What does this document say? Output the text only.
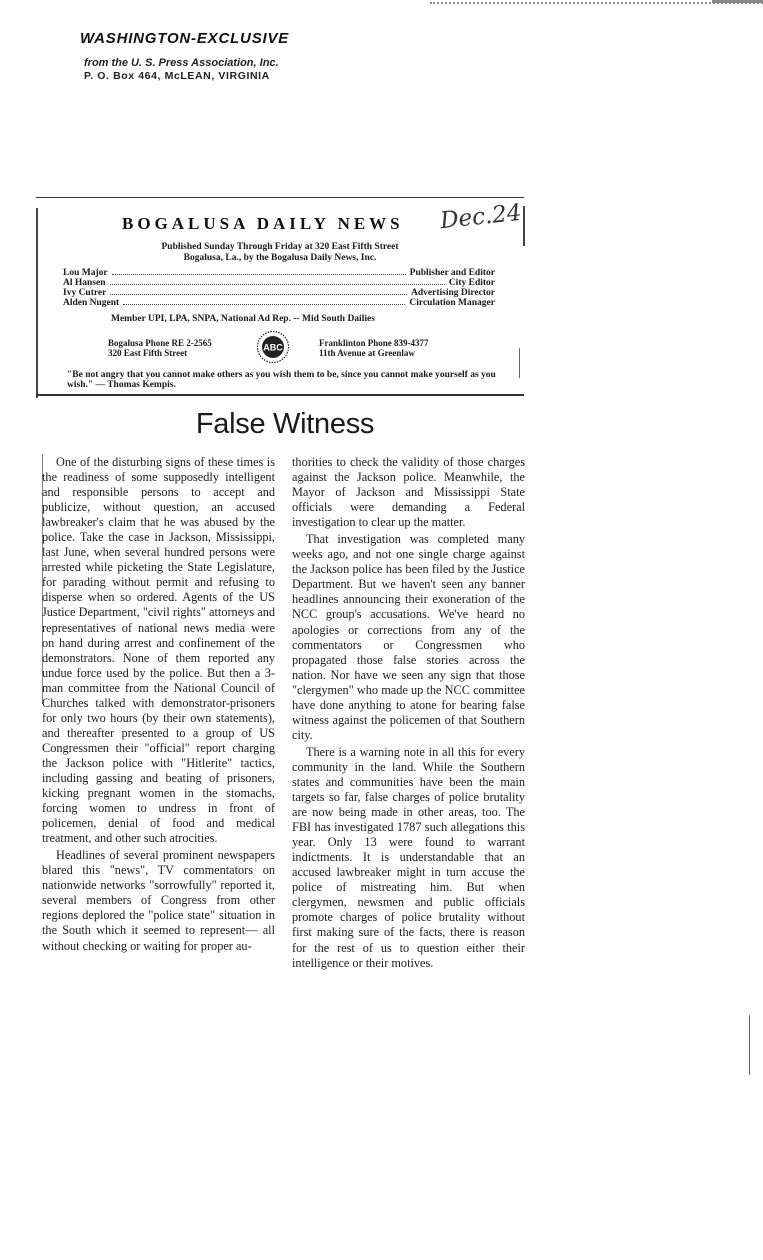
WASHINGTON-EXCLUSIVE
from the U. S. Press Association, Inc.
P. O. Box 464, McLEAN, VIRGINIA
BOGALUSA DAILY NEWS Dec.24
Published Sunday Through Friday at 320 East Fifth Street
Bogalusa, La., by the Bogalusa Daily News, Inc.
Lou Major	Publisher and Editor
Al Hansen	City Editor
Ivy Cutrer	Advertising Director
Alden Nugent	Circulation Manager
Member UPI, LPA, SNPA, National Ad Rep. -- Mid South Dailies
Bogalusa Phone RE 2-2565
320 East Fifth Street
ABC	Franklinton Phone 839-4377
11th Avenue at Greenlaw
"Be not angry that you cannot make others as you wish them to be, since you cannot make yourself as you wish." — Thomas Kempis.
False Witness

One of the disturbing signs of these times is the readiness of some supposedly intelligent and responsible persons to accept and publicize, without question, an accused lawbreaker's claim that he was abused by the police. Take the case in Jackson, Mississippi, last June, when several hundred persons were arrested while picketing the State Legislature, for parading without permit and refusing to disperse when so ordered. Agents of the US Justice Department, "civil rights" attorneys and representatives of national news media were on hand during arrest and confinement of the demonstrators. None of them reported any undue force used by the police. But then a 3-man committee from the National Council of Churches talked with demonstrator-prisoners for only two hours (by their own statements), and thereafter presented to a group of US Congressmen their "official" report charging the Jackson police with "Hitlerite" tactics, including gassing and beating of prisoners, kicking pregnant women in the stomachs, forcing women to undress in front of policemen, denial of food and medical treatment, and other such atrocities.

Headlines of several prominent newspapers blared this "news", TV commentators on nationwide networks "sorrowfully" reported it, several members of Congress from other regions deplored the "police state" situation in the South which it seemed to represent— all without checking or waiting for proper au-

thorities to check the validity of those charges against the Jackson police. Meanwhile, the Mayor of Jackson and Mississippi State officials were demanding a Federal investigation to clear up the matter.

That investigation was completed many weeks ago, and not one single charge against the Jackson police has been filed by the Justice Department. But we haven't seen any banner headlines announcing their exoneration of the NCC group's accusations. We've heard no apologies or corrections from any of the commentators or Congressmen who propagated those false stories across the nation. Nor have we seen any sign that those "clergymen" who made up the NCC committee have done anything to atone for bearing false witness against the policemen of that Southern city.

There is a warning note in all this for every community in the land. While the Southern states and communities have been the main targets so far, false charges of police brutality are now being made in other areas, too. The FBI has investigated 1787 such allegations this year. Only 13 were found to warrant indictments. It is understandable that an accused lawbreaker might in turn accuse the police of mistreating him. But when clergymen, newsmen and public officials promote charges of police brutality without first making sure of the facts, there is reason for the rest of us to question either their intelligence or their motives.
